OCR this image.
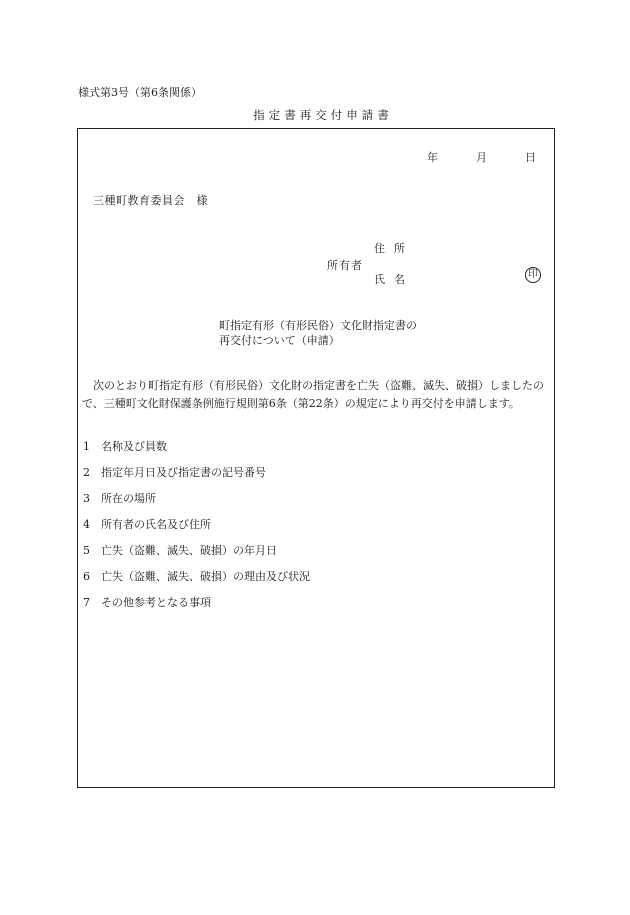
様式第3号（第6条関係）
指定書再交付申請書
年	月	日
三種町教育委員会　様
住所
所有者
氏名	印
町指定有形（有形民俗）文化財指定書の
再交付について（申請）

次のとおり町指定有形（有形民俗）文化財の指定書を亡失（盗難、滅失、破損）しましたの

で、三種町文化財保護条例施行規則第6条（第22条）の規定により再交付を申請します。

1	名称及び員数
2	指定年月日及び指定書の記号番号
3	所在の場所
4	所有者の氏名及び住所
5	亡失（盗難、滅失、破損）の年月日
6	亡失（盗難、滅失、破損）の理由及び状況
7	その他参考となる事項
